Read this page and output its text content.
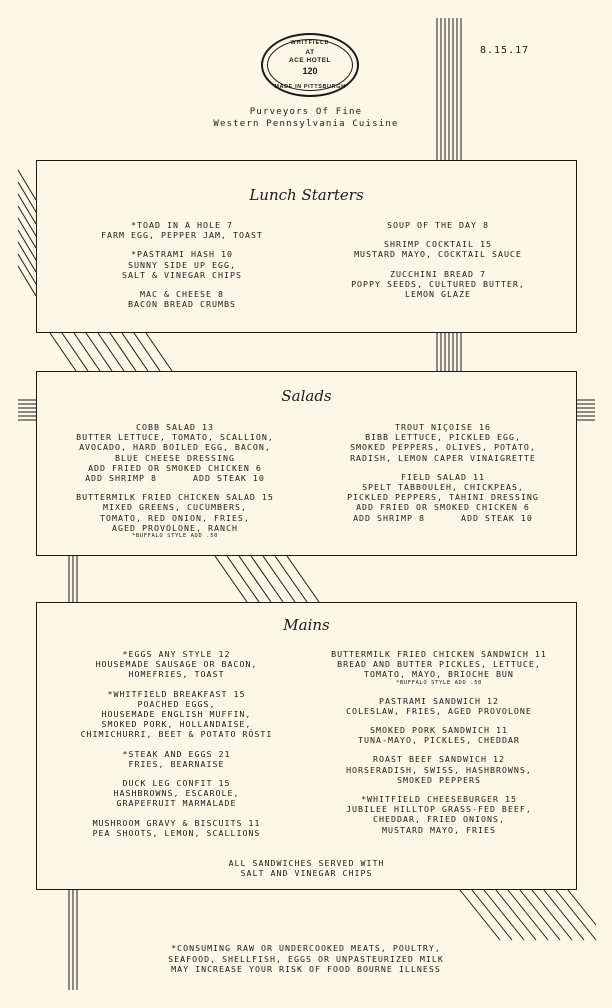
WHITFIELD
AT
ACE HOTEL
120
MADE IN PITTSBURGH
8.15.17
Purveyors Of Fine
Western Pennsylvania Cuisine
Lunch Starters
*TOAD IN A HOLE 7
FARM EGG, PEPPER JAM, TOAST
*PASTRAMI HASH 10
SUNNY SIDE UP EGG,
SALT & VINEGAR CHIPS
MAC & CHEESE 8
BACON BREAD CRUMBS
SOUP OF THE DAY 8
SHRIMP COCKTAIL 15
MUSTARD MAYO, COCKTAIL SAUCE
ZUCCHINI BREAD 7
POPPY SEEDS, CULTURED BUTTER,
LEMON GLAZE
Salads
COBB SALAD 13
BUTTER LETTUCE, TOMATO, SCALLION,
AVOCADO, HARD BOILED EGG, BACON,
BLUE CHEESE DRESSING
ADD FRIED OR SMOKED CHICKEN 6
ADD SHRIMP 8      ADD STEAK 10
BUTTERMILK FRIED CHICKEN SALAD 15
MIXED GREENS, CUCUMBERS,
TOMATO, RED ONION, FRIES,
AGED PROVOLONE, RANCH
*BUFFALO STYLE ADD .50
TROUT NIÇOISE 16
BIBB LETTUCE, PICKLED EGG,
SMOKED PEPPERS, OLIVES, POTATO,
RADISH, LEMON CAPER VINAIGRETTE
FIELD SALAD 11
SPELT TABBOULEH, CHICKPEAS,
PICKLED PEPPERS, TAHINI DRESSING
ADD FRIED OR SMOKED CHICKEN 6
ADD SHRIMP 8      ADD STEAK 10
Mains
*EGGS ANY STYLE 12
HOUSEMADE SAUSAGE OR BACON,
HOMEFRIES, TOAST
*WHITFIELD BREAKFAST 15
POACHED EGGS,
HOUSEMADE ENGLISH MUFFIN,
SMOKED PORK, HOLLANDAISE,
CHIMICHURRI, BEET & POTATO RÖSTI
*STEAK AND EGGS 21
FRIES, BEARNAISE
DUCK LEG CONFIT 15
HASHBROWNS, ESCAROLE,
GRAPEFRUIT MARMALADE
MUSHROOM GRAVY & BISCUITS 11
PEA SHOOTS, LEMON, SCALLIONS
BUTTERMILK FRIED CHICKEN SANDWICH 11
BREAD AND BUTTER PICKLES, LETTUCE,
TOMATO, MAYO, BRIOCHE BUN
*BUFFALO STYLE ADD .50
PASTRAMI SANDWICH 12
COLESLAW, FRIES, AGED PROVOLONE
SMOKED PORK SANDWICH 11
TUNA-MAYO, PICKLES, CHEDDAR
ROAST BEEF SANDWICH 12
HORSERADISH, SWISS, HASHBROWNS,
SMOKED PEPPERS
*WHITFIELD CHEESEBURGER 15
JUBILEE HILLTOP GRASS-FED BEEF,
CHEDDAR, FRIED ONIONS,
MUSTARD MAYO, FRIES
ALL SANDWICHES SERVED WITH
SALT AND VINEGAR CHIPS
*CONSUMING RAW OR UNDERCOOKED MEATS, POULTRY,
SEAFOOD, SHELLFISH, EGGS OR UNPASTEURIZED MILK
MAY INCREASE YOUR RISK OF FOOD BOURNE ILLNESS
